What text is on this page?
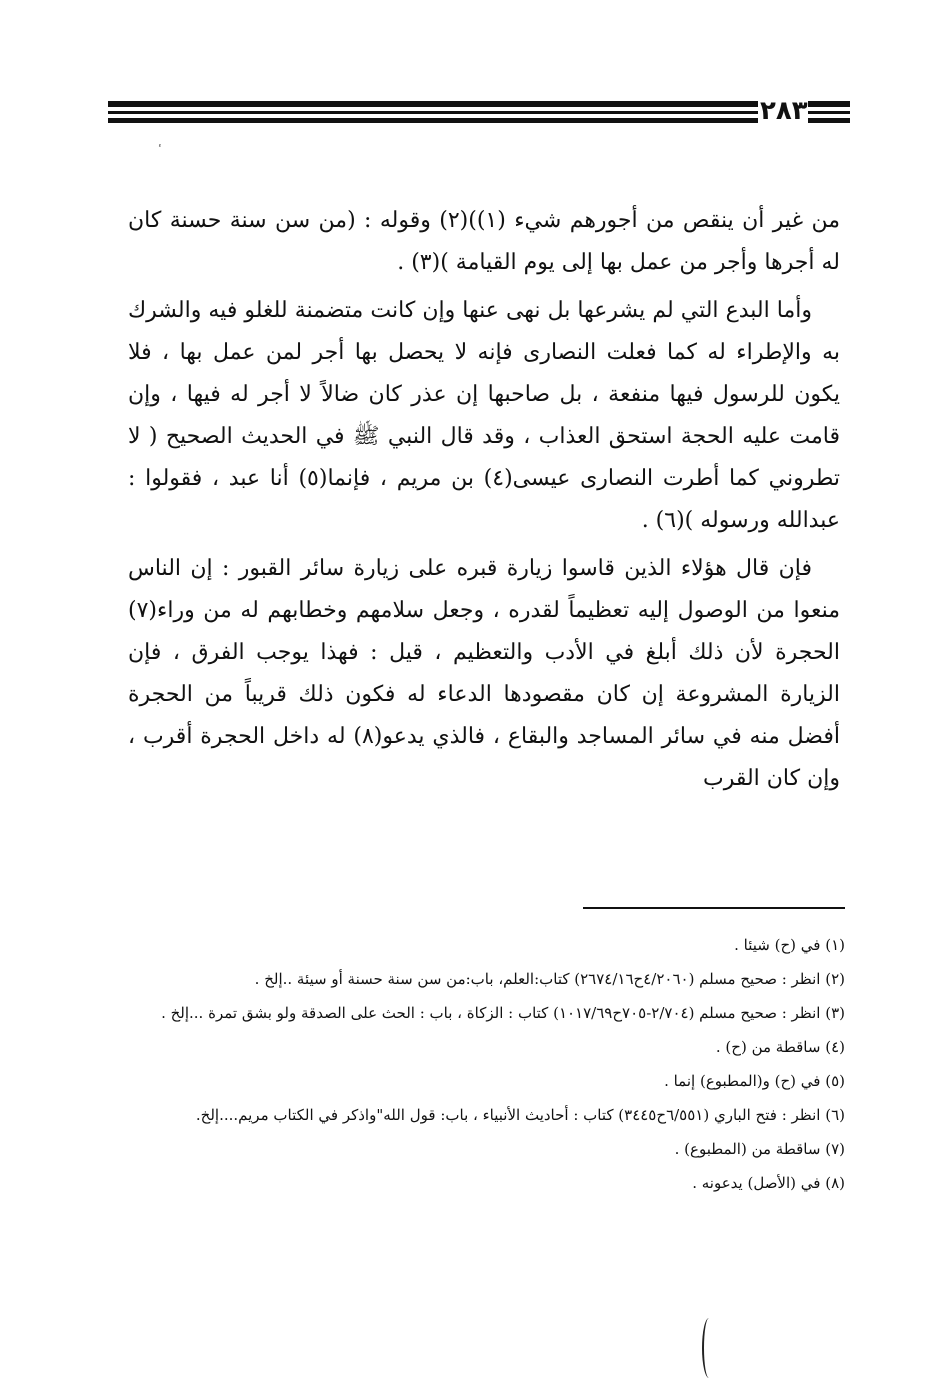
٢٨٣

من غير أن ينقص من أجورهم شيء (١))(٢) وقوله : (من سن سنة حسنة كان له أجرها وأجر من عمل بها إلى يوم القيامة )(٣) .

وأما البدع التي لم يشرعها بل نهى عنها وإن كانت متضمنة للغلو فيه والشرك به والإطراء له كما فعلت النصارى فإنه لا يحصل بها أجر لمن عمل بها ، فلا يكون للرسول فيها منفعة ، بل صاحبها إن عذر كان ضالاً لا أجر له فيها ، وإن قامت عليه الحجة استحق العذاب ، وقد قال النبي ﷺ في الحديث الصحيح ( لا تطروني كما أطرت النصارى عيسى(٤) بن مريم ، فإنما(٥) أنا عبد ، فقولوا : عبدالله ورسوله )(٦) .

فإن قال هؤلاء الذين قاسوا زيارة قبره على زيارة سائر القبور : إن الناس منعوا من الوصول إليه تعظيماً لقدره ، وجعل سلامهم وخطابهم له من وراء(٧) الحجرة لأن ذلك أبلغ في الأدب والتعظيم ، قيل : فهذا يوجب الفرق ، فإن الزيارة المشروعة إن كان مقصودها الدعاء له فكون ذلك قريباً من الحجرة أفضل منه في سائر المساجد والبقاع ، فالذي يدعو(٨) له داخل الحجرة أقرب ، وإن كان القرب

(١) في (ح) شيئا .
(٢) انظر : صحيح مسلم (٤/٢٠٦٠ح٢٦٧٤/١٦) كتاب:العلم، باب:من سن سنة حسنة أو سيئة ..إلخ .
(٣) انظر : صحيح مسلم (٢/٧٠٤-٧٠٥ح١٠١٧/٦٩) كتاب : الزكاة ، باب : الحث على الصدقة ولو بشق تمرة ...إلخ .
(٤) ساقطة من (ح) .
(٥) في (ح) و(المطبوع) إنما .
(٦) انظر : فتح الباري (٦/٥٥١ح٣٤٤٥) كتاب : أحاديث الأنبياء ، باب: قول الله"واذكر في الكتاب مريم....إلخ.
(٧) ساقطة من (المطبوع) .
(٨) في (الأصل) يدعونه .
